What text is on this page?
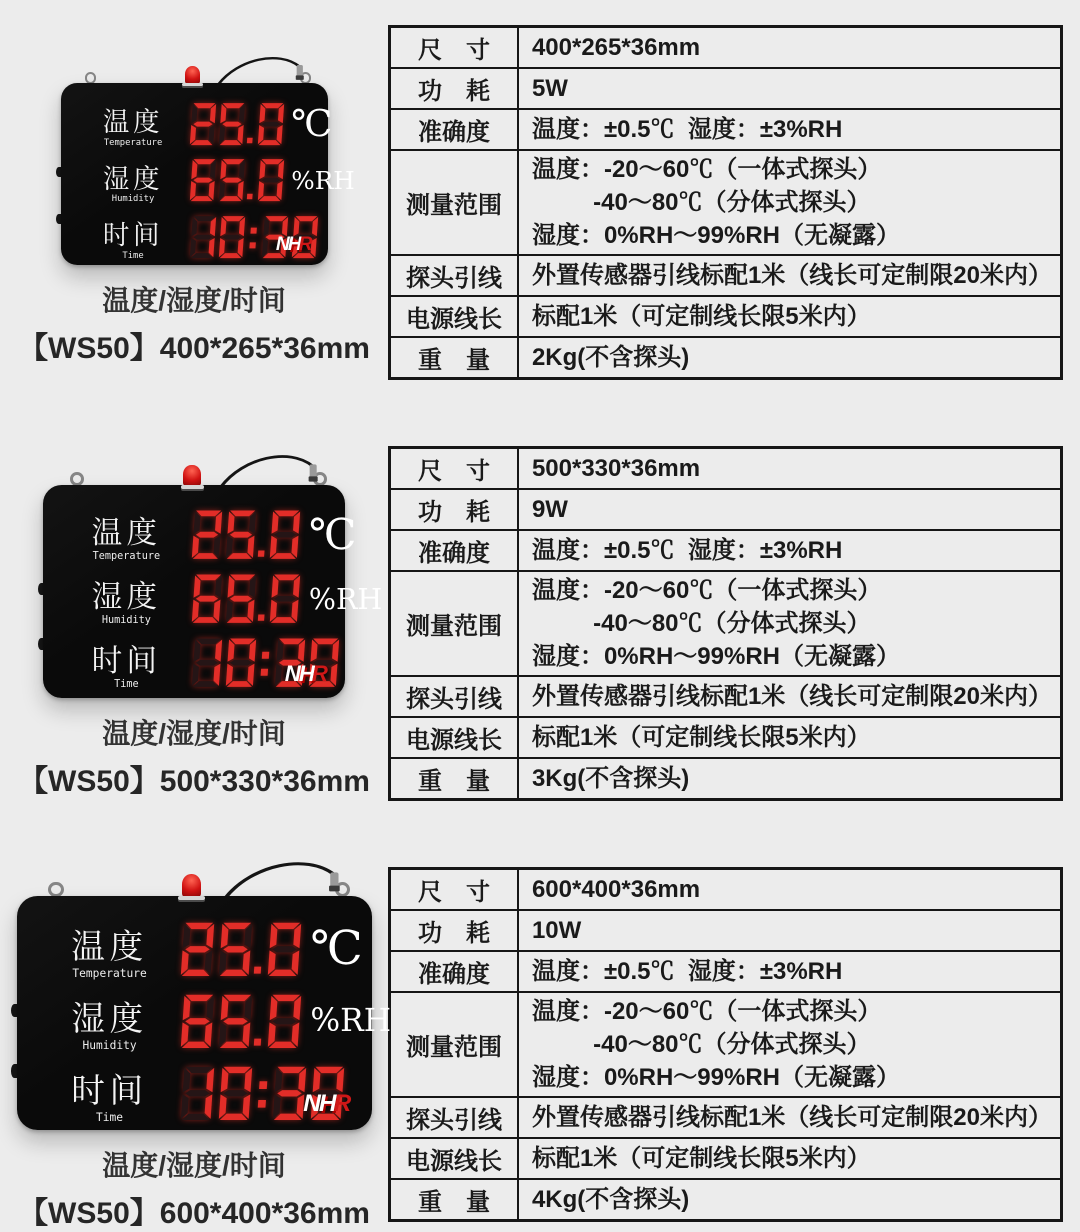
温度
Temperature	℃
湿度
Humidity
%RH
时间
Time
NHR
温度/湿度/时间
【WS50】400*265*36mm
尺　寸	400*265*36mm

功　耗	5W

准确度	温度：±0.5℃  湿度：±3%RH

测量范围	温度：-20～60℃（一体式探头）
-40～80℃（分体式探头）
湿度：0%RH～99%RH（无凝露）

探头引线	外置传感器引线标配1米（线长可定制限20米内）

电源线长	标配1米（可定制线长限5米内）

重　量	2Kg(不含探头)
温度
Temperature	℃
湿度
Humidity
%RH
时间
Time	NHR
温度/湿度/时间
【WS50】500*330*36mm
尺　寸	500*330*36mm

功　耗	9W

准确度	温度：±0.5℃  湿度：±3%RH

测量范围	温度：-20～60℃（一体式探头）
-40～80℃（分体式探头）
湿度：0%RH～99%RH（无凝露）

探头引线	外置传感器引线标配1米（线长可定制限20米内）

电源线长	标配1米（可定制线长限5米内）

重　量	3Kg(不含探头)
温度
Temperature	℃
湿度
Humidity
%RH
时间
Time	NHR
温度/湿度/时间
【WS50】600*400*36mm
尺　寸	600*400*36mm

功　耗	10W

准确度	温度：±0.5℃  湿度：±3%RH

测量范围	温度：-20～60℃（一体式探头）
-40～80℃（分体式探头）
湿度：0%RH～99%RH（无凝露）

探头引线	外置传感器引线标配1米（线长可定制限20米内）

电源线长	标配1米（可定制线长限5米内）

重　量	4Kg(不含探头)
